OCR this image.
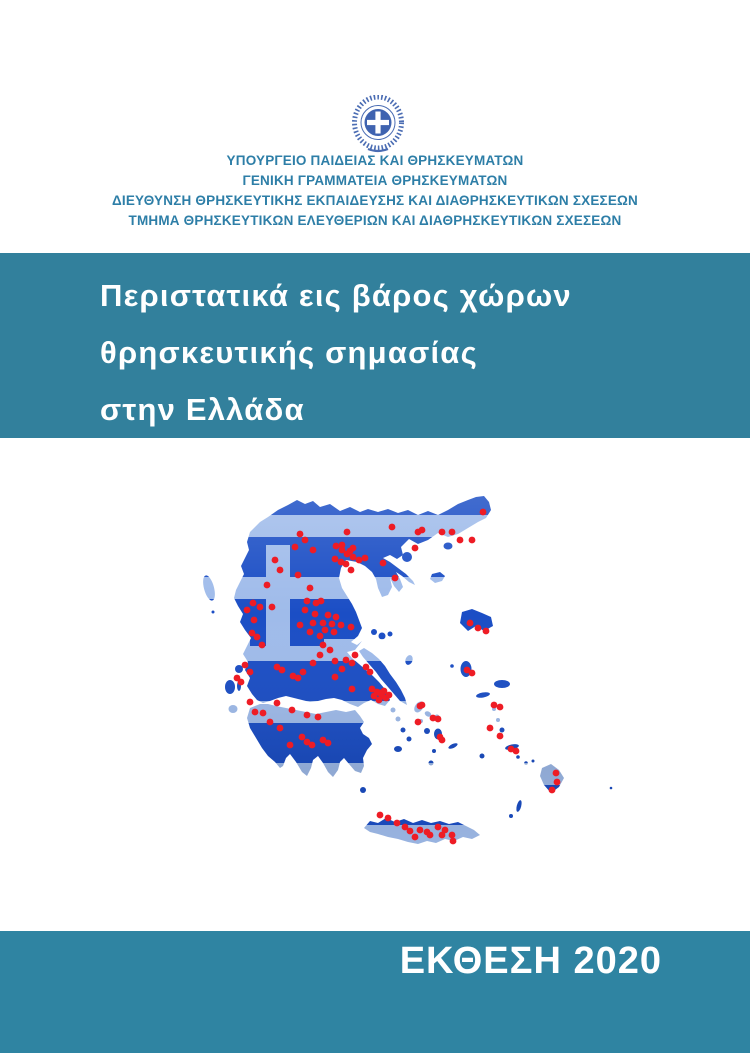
ΥΠΟΥΡΓΕΙΟ ΠΑΙΔΕΙΑΣ ΚΑΙ ΘΡΗΣΚΕΥΜΑΤΩΝ
ΓΕΝΙΚΗ ΓΡΑΜΜΑΤΕΙΑ ΘΡΗΣΚΕΥΜΑΤΩΝ
ΔΙΕΥΘΥΝΣΗ ΘΡΗΣΚΕΥΤΙΚΗΣ ΕΚΠΑΙΔΕΥΣΗΣ ΚΑΙ ΔΙΑΘΡΗΣΚΕΥΤΙΚΩΝ ΣΧΕΣΕΩΝ
ΤΜΗΜΑ ΘΡΗΣΚΕΥΤΙΚΩΝ ΕΛΕΥΘΕΡΙΩΝ ΚΑΙ ΔΙΑΘΡΗΣΚΕΥΤΙΚΩΝ ΣΧΕΣΕΩΝ
Περιστατικά εις βάρος χώρων
θρησκευτικής σημασίας
στην Ελλάδα
ΕΚΘΕΣΗ 2020
